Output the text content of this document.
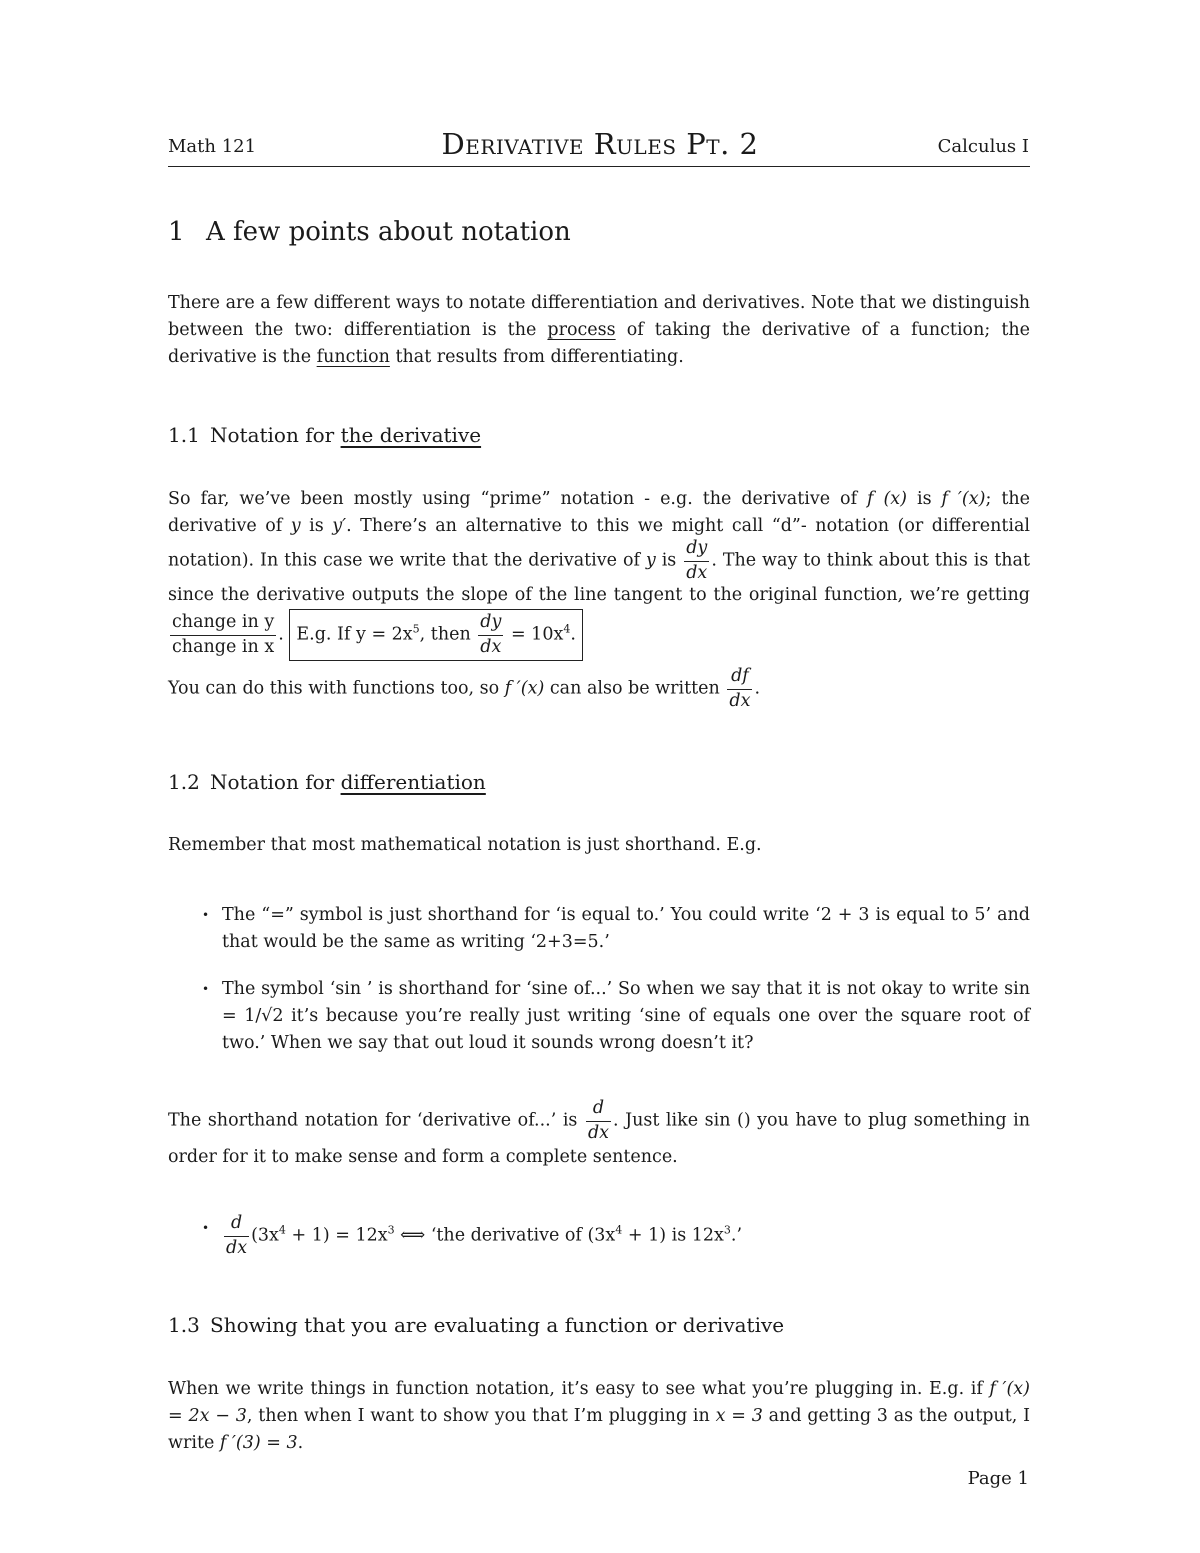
Math 121	Derivative Rules Pt. 2	Calculus I
1 A few points about notation
There are a few different ways to notate differentiation and derivatives. Note that we distinguish between the two: differentiation is the process of taking the derivative of a function; the derivative is the function that results from differentiating.
1.1 Notation for the derivative
So far, we’ve been mostly using “prime” notation - e.g. the derivative of f (x) is f ′(x); the derivative of y is y′. There’s an alternative to this we might call “d”- notation (or differential notation). In this case we write that the derivative of y is $\frac{dy}{dx}$ . The way to think about this is that since the derivative outputs the slope of the line tangent to the original function, we’re getting
$\frac{\text{change in y}}{\text{change in x}}$ . E.g. If $y = 2x^5$, then $\frac{dy}{dx} = 10x^4$.
You can do this with functions too, so f ′(x) can also be written $\frac{df}{dx}$ .
1.2 Notation for differentiation
Remember that most mathematical notation is just shorthand. E.g.
• The “=” symbol is just shorthand for ‘is equal to.’ You could write ‘2 + 3 is equal to 5’ and that would be the same as writing ‘2+3=5.’
• The symbol ‘sin ’ is shorthand for ‘sine of...’ So when we say that it is not okay to write sin = 1/√2 it’s because you’re really just writing ‘sine of equals one over the square root of two.’ When we say that out loud it sounds wrong doesn’t it?
The shorthand notation for ‘derivative of...’ is $\frac{d}{dx}$ . Just like sin () you have to plug something in order for it to make sense and form a complete sentence.
• $\frac{d}{dx} (3x^4 + 1) = 12x^3$ ⟺ ‘the derivative of $(3x^4 + 1)$ is $12x^3$.’
1.3 Showing that you are evaluating a function or derivative
When we write things in function notation, it’s easy to see what you’re plugging in. E.g. if f ′(x) = 2x − 3, then when I want to show you that I’m plugging in x = 3 and getting 3 as the output, I write f ′(3) = 3.
Page 1
